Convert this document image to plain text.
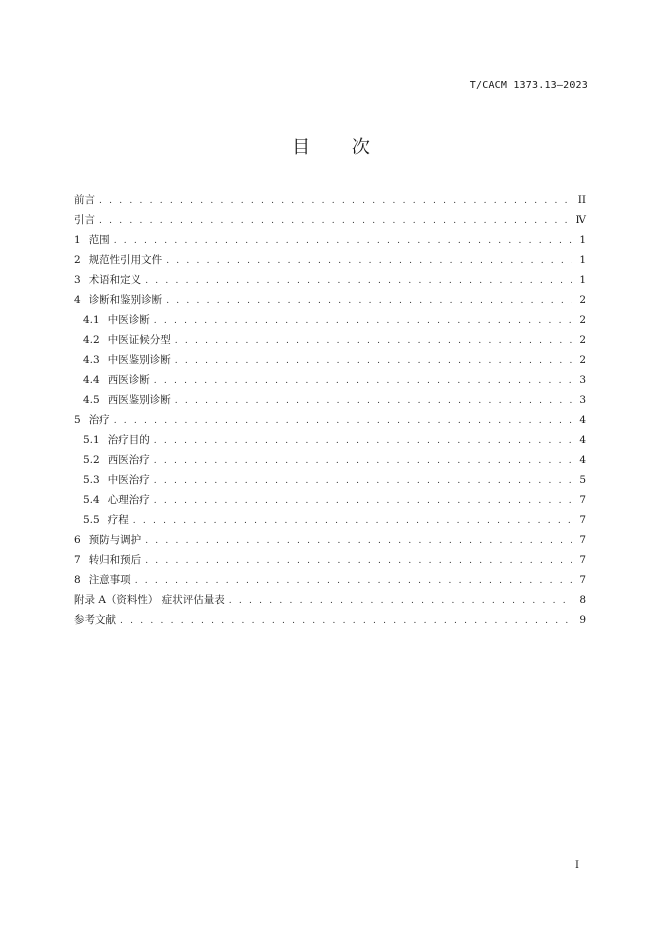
T/CACM 1373.13—2023
目 次
前言 . . .	II
引言 . . .	Ⅳ
1 范围 . . .	1
2 规范性引用文件 . . .	1
3 术语和定义 . . .	1
4 诊断和鉴别诊断 . . .	2
4.1 中医诊断 . . .	2
4.2 中医证候分型 . . .	2
4.3 中医鉴别诊断 . . .	2
4.4 西医诊断 . . .	3
4.5 西医鉴别诊断 . . .	3
5 治疗 . . .	4
5.1 治疗目的 . . .	4
5.2 西医治疗 . . .	4
5.3 中医治疗 . . .	5
5.4 心理治疗 . . .	7
5.5 疗程 . . .	7
6 预防与调护 . . .	7
7 转归和预后 . . .	7
8 注意事项 . . .	7
附录 A（资料性） 症状评估量表 . . .	8
参考文献 . . .	9
I
